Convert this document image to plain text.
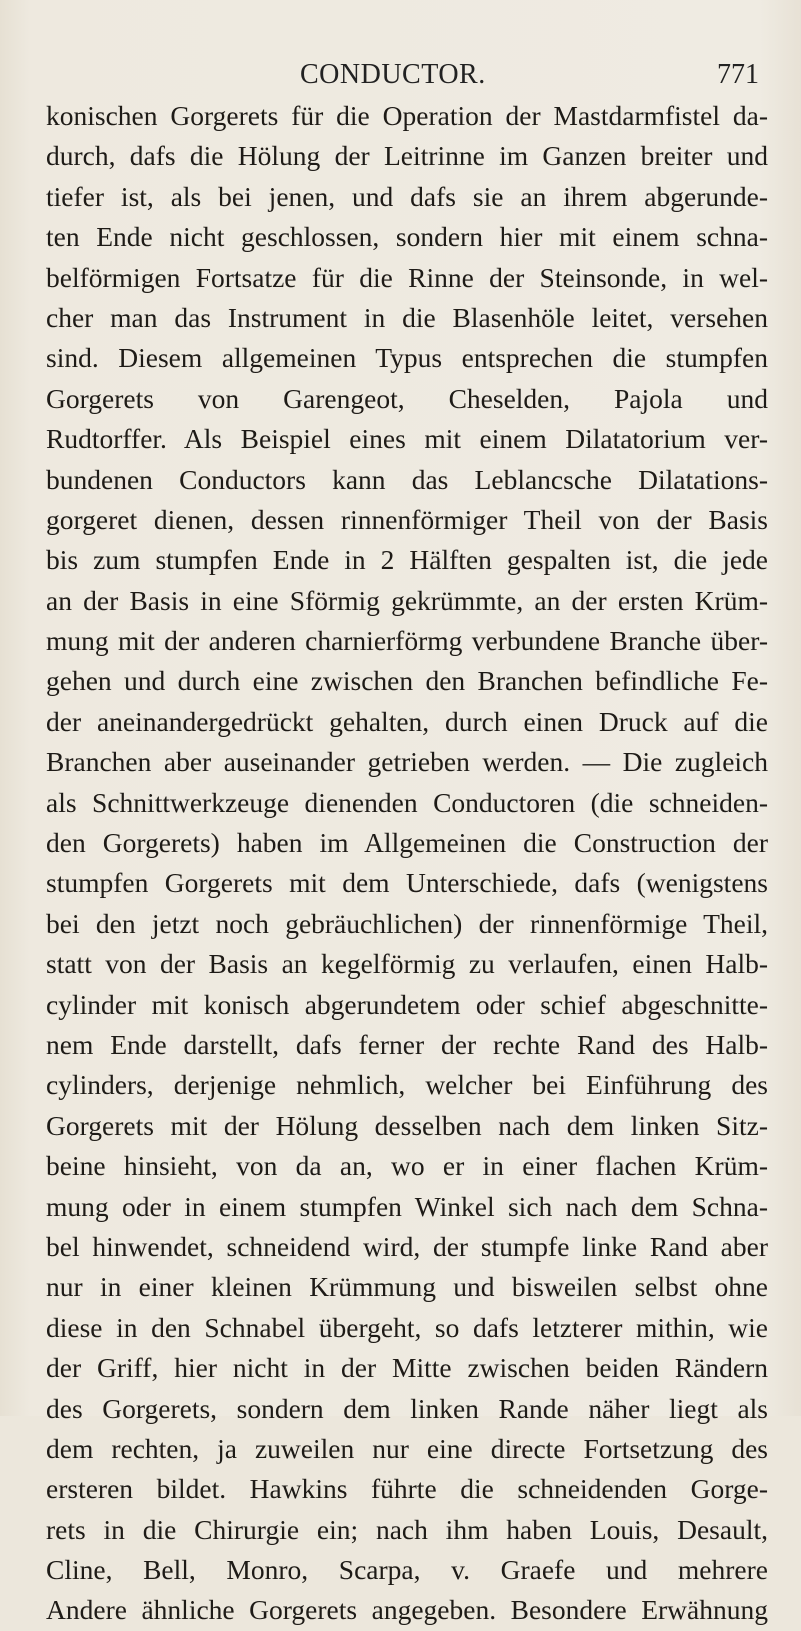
CONDUCTOR.	771
konischen Gorgerets für die Operation der Mastdarmfistel da-
durch, dafs die Hölung der Leitrinne im Ganzen breiter und
tiefer ist, als bei jenen, und dafs sie an ihrem abgerunde-
ten Ende nicht geschlossen, sondern hier mit einem schna-
belförmigen Fortsatze für die Rinne der Steinsonde, in wel-
cher man das Instrument in die Blasenhöle leitet, versehen
sind. Diesem allgemeinen Typus entsprechen die stumpfen
Gorgerets von Garengeot, Cheselden, Pajola und
Rudtorffer. Als Beispiel eines mit einem Dilatatorium ver-
bundenen Conductors kann das Leblancsche Dilatations-
gorgeret dienen, dessen rinnenförmiger Theil von der Basis
bis zum stumpfen Ende in 2 Hälften gespalten ist, die jede
an der Basis in eine Sförmig gekrümmte, an der ersten Krüm-
mung mit der anderen charnierförmg verbundene Branche über-
gehen und durch eine zwischen den Branchen befindliche Fe-
der aneinandergedrückt gehalten, durch einen Druck auf die
Branchen aber auseinander getrieben werden. — Die zugleich
als Schnittwerkzeuge dienenden Conductoren (die schneiden-
den Gorgerets) haben im Allgemeinen die Construction der
stumpfen Gorgerets mit dem Unterschiede, dafs (wenigstens
bei den jetzt noch gebräuchlichen) der rinnenförmige Theil,
statt von der Basis an kegelförmig zu verlaufen, einen Halb-
cylinder mit konisch abgerundetem oder schief abgeschnitte-
nem Ende darstellt, dafs ferner der rechte Rand des Halb-
cylinders, derjenige nehmlich, welcher bei Einführung des
Gorgerets mit der Hölung desselben nach dem linken Sitz-
beine hinsieht, von da an, wo er in einer flachen Krüm-
mung oder in einem stumpfen Winkel sich nach dem Schna-
bel hinwendet, schneidend wird, der stumpfe linke Rand aber
nur in einer kleinen Krümmung und bisweilen selbst ohne
diese in den Schnabel übergeht, so dafs letzterer mithin, wie
der Griff, hier nicht in der Mitte zwischen beiden Rändern
des Gorgerets, sondern dem linken Rande näher liegt als
dem rechten, ja zuweilen nur eine directe Fortsetzung des
ersteren bildet. Hawkins führte die schneidenden Gorge-
rets in die Chirurgie ein; nach ihm haben Louis, Desault,
Cline, Bell, Monro, Scarpa, v. Graefe und mehrere
Andere ähnliche Gorgerets angegeben. Besondere Erwähnung
